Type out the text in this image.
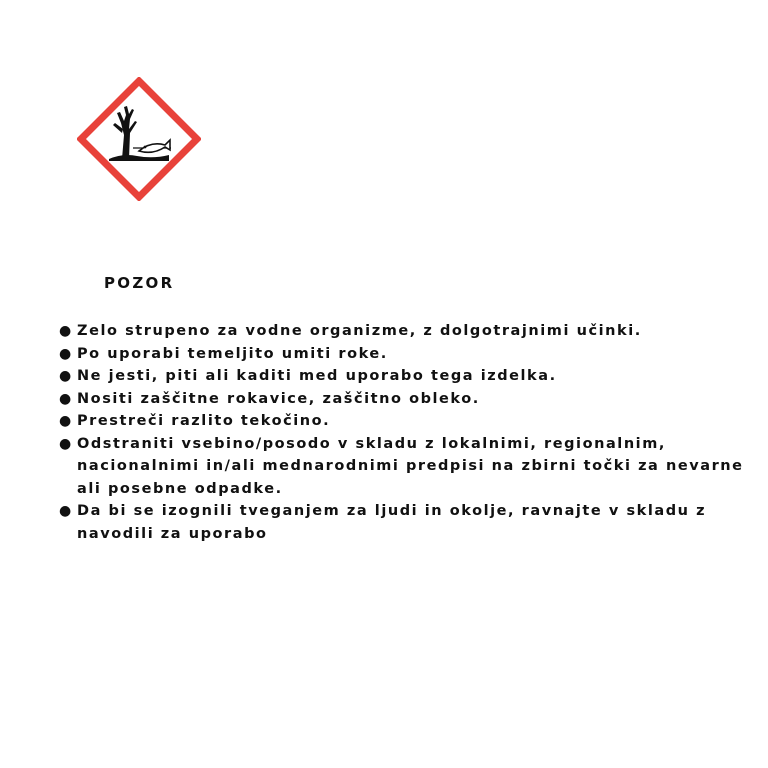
POZOR
● Zelo strupeno za vodne organizme, z dolgotrajnimi učinki.
● Po uporabi temeljito umiti roke.
● Ne jesti, piti ali kaditi med uporabo tega izdelka.
● Nositi zaščitne rokavice, zaščitno obleko.
● Prestreči razlito tekočino.
● Odstraniti vsebino/posodo v skladu z lokalnimi, regionalnim, nacionalnimi in/ali mednarodnimi predpisi na zbirni točki za nevarne ali posebne odpadke.
● Da bi se izognili tveganjem za ljudi in okolje, ravnajte v skladu z navodili za uporabo
